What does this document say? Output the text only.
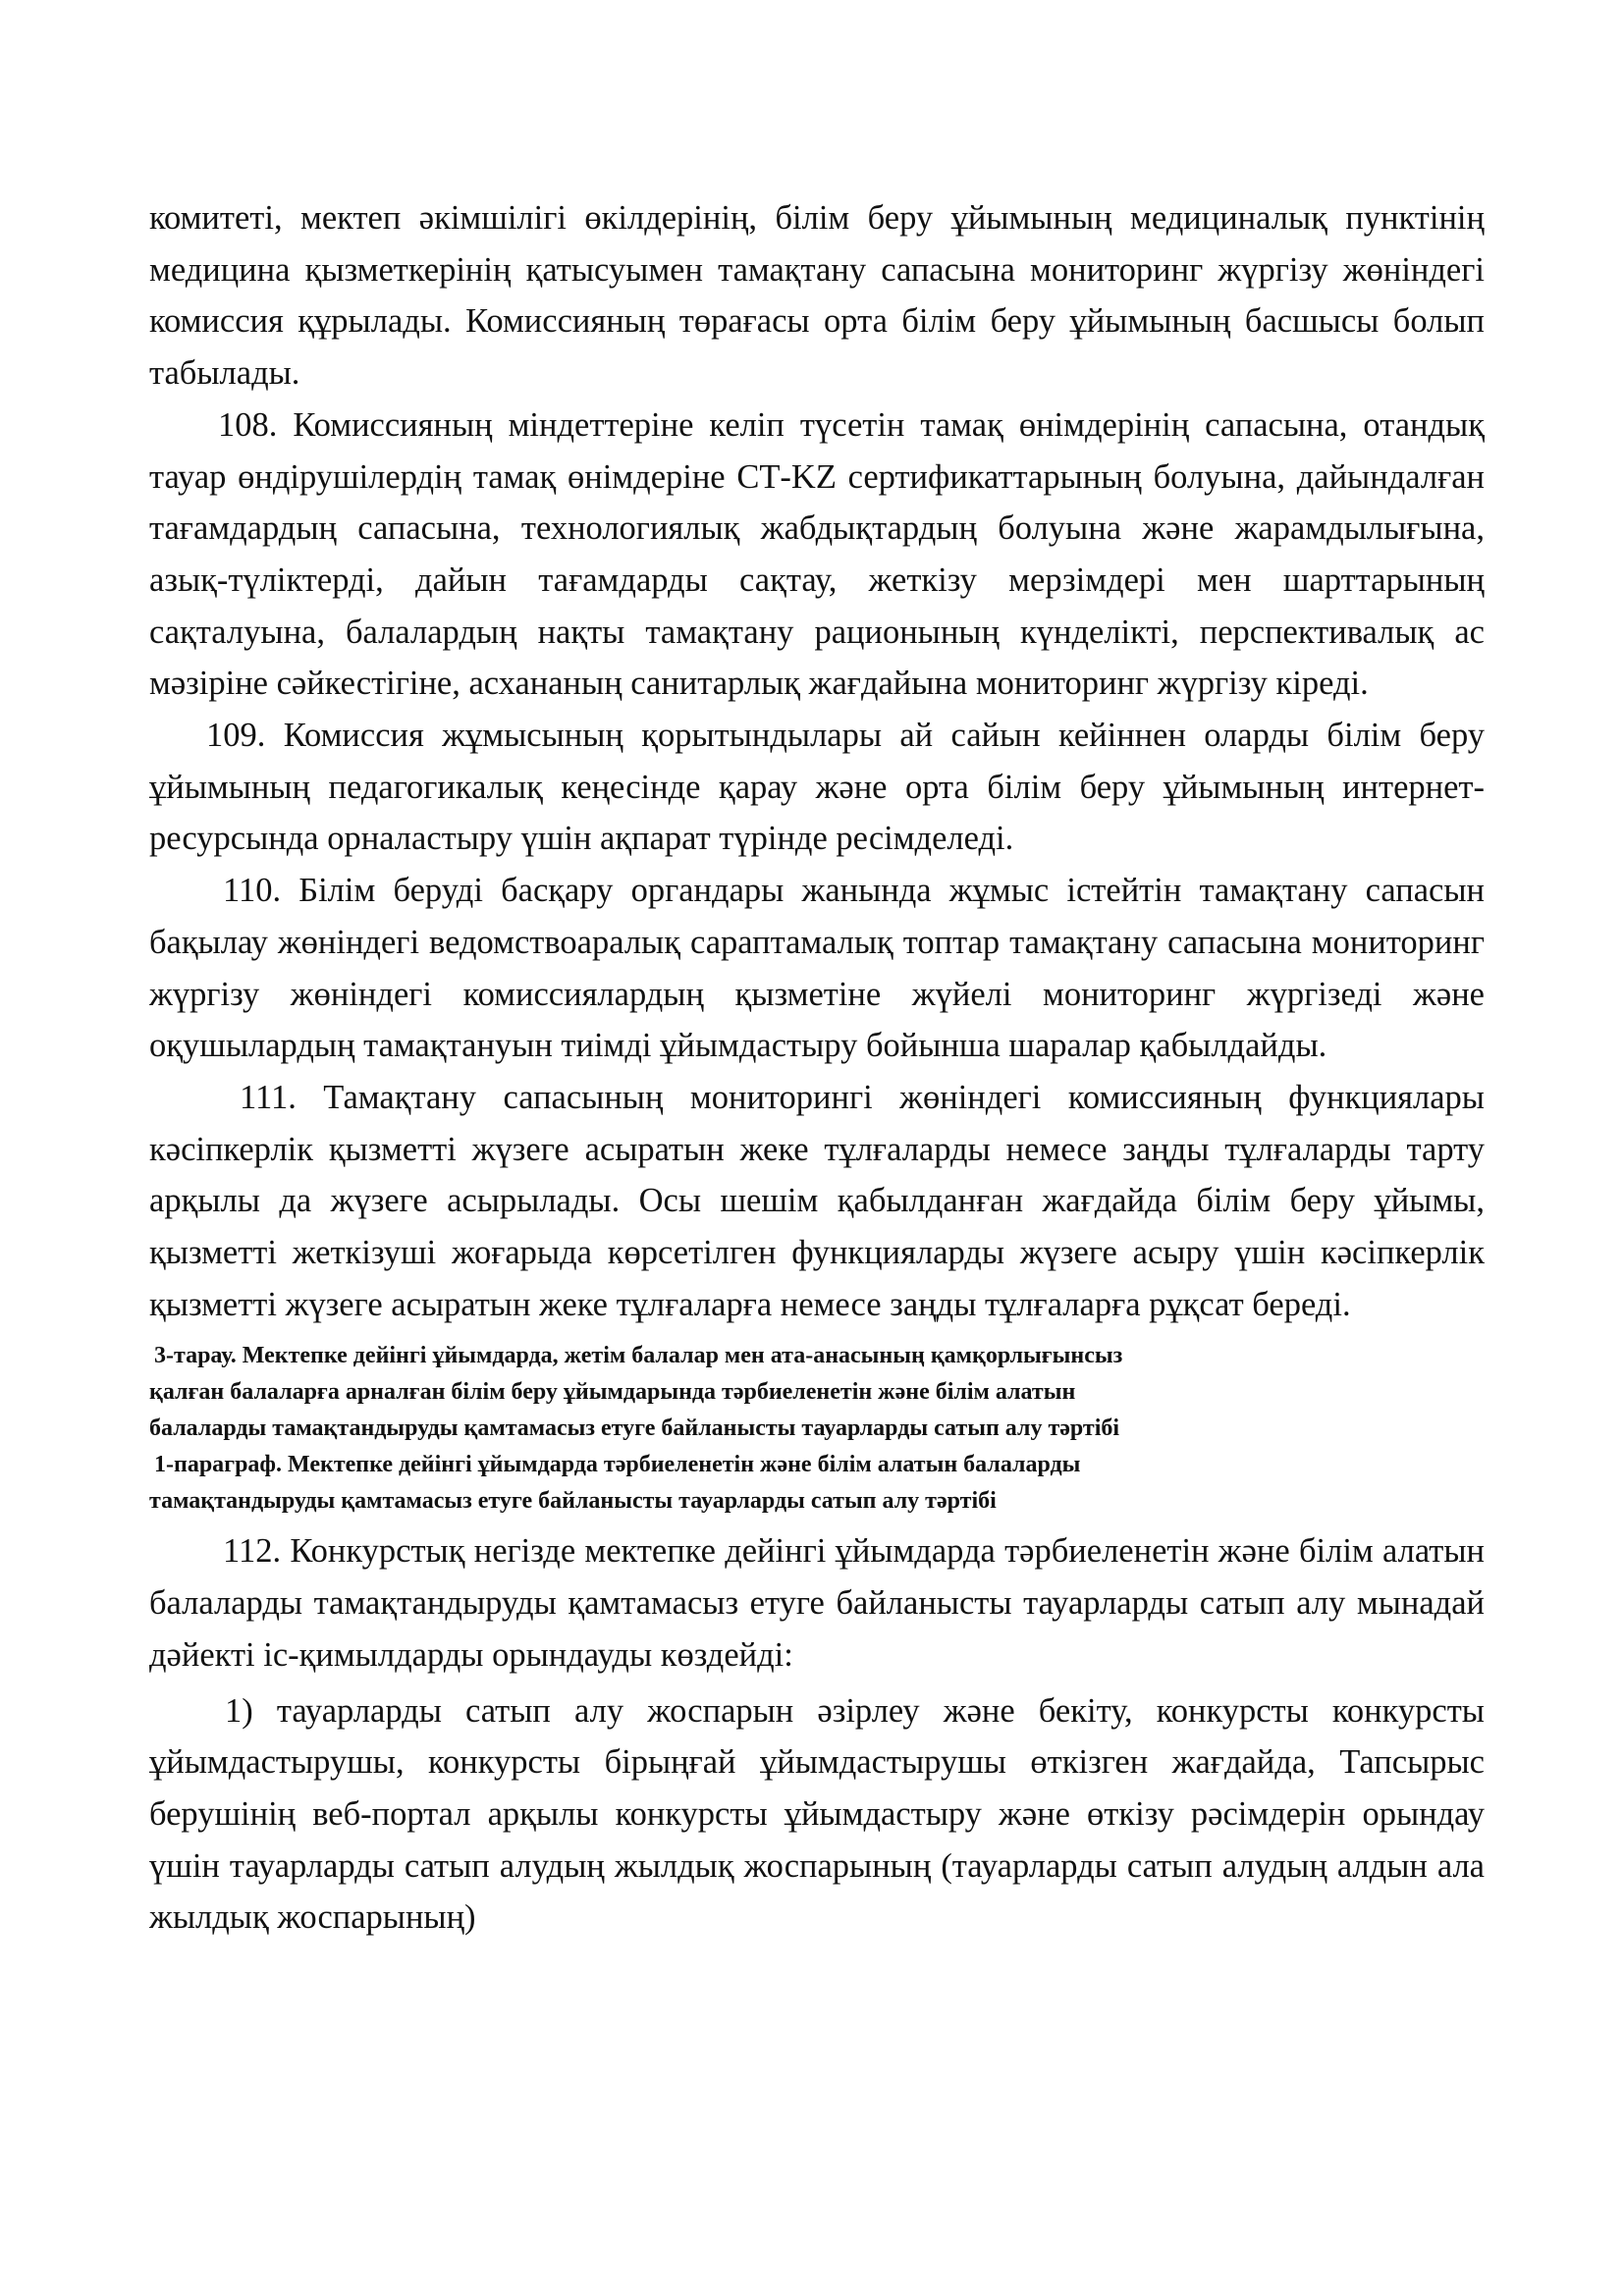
комитеті, мектеп әкімшілігі өкілдерінің, білім беру ұйымының медициналық пунктінің медицина қызметкерінің қатысуымен тамақтану сапасына мониторинг жүргізу жөніндегі комиссия құрылады. Комиссияның төрағасы орта білім беру ұйымының басшысы болып табылады.

108. Комиссияның міндеттеріне келіп түсетін тамақ өнімдерінің сапасына, отандық тауар өндірушілердің тамақ өнімдеріне СТ-KZ сертификаттарының болуына, дайындалған тағамдардың сапасына, технологиялық жабдықтардың болуына және жарамдылығына, азық-түліктерді, дайын тағамдарды сақтау, жеткізу мерзімдері мен шарттарының сақталуына, балалардың нақты тамақтану рационының күнделікті, перспективалық ас мәзіріне сәйкестігіне, асхананың санитарлық жағдайына мониторинг жүргізу кіреді.

109. Комиссия жұмысының қорытындылары ай сайын кейіннен оларды білім беру ұйымының педагогикалық кеңесінде қарау және орта білім беру ұйымының интернет-ресурсында орналастыру үшін ақпарат түрінде ресімделеді.

110. Білім беруді басқару органдары жанында жұмыс істейтін тамақтану сапасын бақылау жөніндегі ведомствоаралық сараптамалық топтар тамақтану сапасына мониторинг жүргізу жөніндегі комиссиялардың қызметіне жүйелі мониторинг жүргізеді және оқушылардың тамақтануын тиімді ұйымдастыру бойынша шаралар қабылдайды.

111. Тамақтану сапасының мониторингі жөніндегі комиссияның функциялары кәсіпкерлік қызметті жүзеге асыратын жеке тұлғаларды немесе заңды тұлғаларды тарту арқылы да жүзеге асырылады. Осы шешім қабылданған жағдайда білім беру ұйымы, қызметті жеткізуші жоғарыда көрсетілген функцияларды жүзеге асыру үшін кәсіпкерлік қызметті жүзеге асыратын жеке тұлғаларға немесе заңды тұлғаларға рұқсат береді.

3-тарау. Мектепке дейінгі ұйымдарда, жетім балалар мен ата-анасының қамқорлығынсыз
қалған балаларға арналған білім беру ұйымдарында тәрбиеленетін және білім алатын
балаларды тамақтандыруды қамтамасыз етуге байланысты тауарларды сатып алу тәртібі
1-параграф. Мектепке дейінгі ұйымдарда тәрбиеленетін және білім алатын балаларды
тамақтандыруды қамтамасыз етуге байланысты тауарларды сатып алу тәртібі

112. Конкурстық негізде мектепке дейінгі ұйымдарда тәрбиеленетін және білім алатын балаларды тамақтандыруды қамтамасыз етуге байланысты тауарларды сатып алу мынадай дәйекті іс-қимылдарды орындауды көздейді:

1) тауарларды сатып алу жоспарын әзірлеу және бекіту, конкурсты конкурсты ұйымдастырушы, конкурсты бірыңғай ұйымдастырушы өткізген жағдайда, Тапсырыс берушінің веб-портал арқылы конкурсты ұйымдастыру және өткізу рәсімдерін орындау үшін тауарларды сатып алудың жылдық жоспарының (тауарларды сатып алудың алдын ала жылдық жоспарының)
